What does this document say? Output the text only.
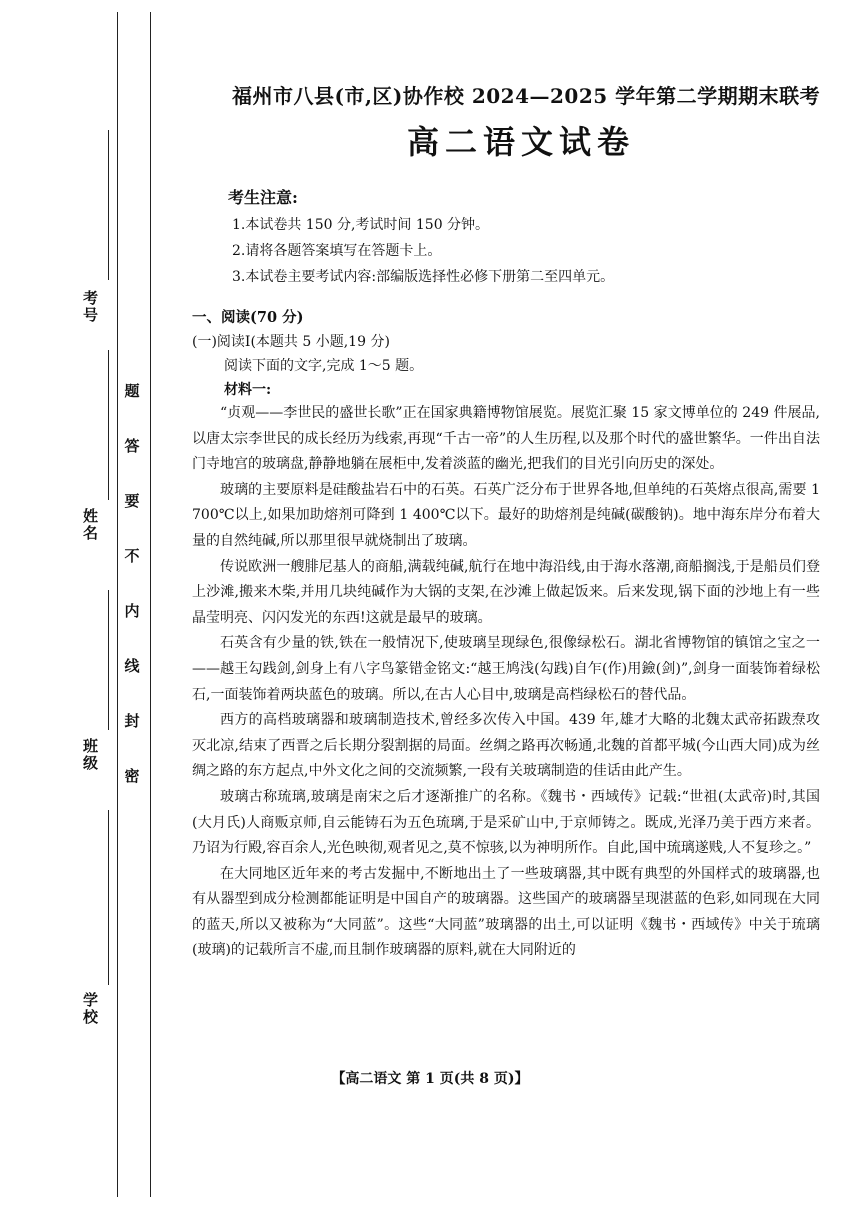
考号
姓名
班级
学校
题
答
要
不
内
线
封
密
福州市八县(市,区)协作校 2024—2025 学年第二学期期末联考
高二语文试卷
考生注意:
1.本试卷共 150 分,考试时间 150 分钟。
2.请将各题答案填写在答题卡上。
3.本试卷主要考试内容:部编版选择性必修下册第二至四单元。
一、阅读(70 分)
(一)阅读Ⅰ(本题共 5 小题,19 分)
阅读下面的文字,完成 1～5 题。
材料一:

“贞观——李世民的盛世长歌”正在国家典籍博物馆展览。展览汇聚 15 家文博单位的 249 件展品,以唐太宗李世民的成长经历为线索,再现“千古一帝”的人生历程,以及那个时代的盛世繁华。一件出自法门寺地宫的玻璃盘,静静地躺在展柜中,发着淡蓝的幽光,把我们的目光引向历史的深处。

玻璃的主要原料是硅酸盐岩石中的石英。石英广泛分布于世界各地,但单纯的石英熔点很高,需要 1 700℃以上,如果加助熔剂可降到 1 400℃以下。最好的助熔剂是纯碱(碳酸钠)。地中海东岸分布着大量的自然纯碱,所以那里很早就烧制出了玻璃。

传说欧洲一艘腓尼基人的商船,满载纯碱,航行在地中海沿线,由于海水落潮,商船搁浅,于是船员们登上沙滩,搬来木柴,并用几块纯碱作为大锅的支架,在沙滩上做起饭来。后来发现,锅下面的沙地上有一些晶莹明亮、闪闪发光的东西!这就是最早的玻璃。

石英含有少量的铁,铁在一般情况下,使玻璃呈现绿色,很像绿松石。湖北省博物馆的镇馆之宝之一——越王勾践剑,剑身上有八字鸟篆错金铭文:“越王鸠浅(勾践)自乍(作)用鐱(剑)”,剑身一面装饰着绿松石,一面装饰着两块蓝色的玻璃。所以,在古人心目中,玻璃是高档绿松石的替代品。

西方的高档玻璃器和玻璃制造技术,曾经多次传入中国。439 年,雄才大略的北魏太武帝拓跋焘攻灭北凉,结束了西晋之后长期分裂割据的局面。丝绸之路再次畅通,北魏的首都平城(今山西大同)成为丝绸之路的东方起点,中外文化之间的交流频繁,一段有关玻璃制造的佳话由此产生。

玻璃古称琉璃,玻璃是南宋之后才逐渐推广的名称。《魏书・西域传》记载:“世祖(太武帝)时,其国(大月氏)人商贩京师,自云能铸石为五色琉璃,于是采矿山中,于京师铸之。既成,光泽乃美于西方来者。乃诏为行殿,容百余人,光色映彻,观者见之,莫不惊骇,以为神明所作。自此,国中琉璃遂贱,人不复珍之。”

在大同地区近年来的考古发掘中,不断地出土了一些玻璃器,其中既有典型的外国样式的玻璃器,也有从器型到成分检测都能证明是中国自产的玻璃器。这些国产的玻璃器呈现湛蓝的色彩,如同现在大同的蓝天,所以又被称为“大同蓝”。这些“大同蓝”玻璃器的出土,可以证明《魏书・西域传》中关于琉璃(玻璃)的记载所言不虚,而且制作玻璃器的原料,就在大同附近的

【高二语文 第 1 页(共 8 页)】
